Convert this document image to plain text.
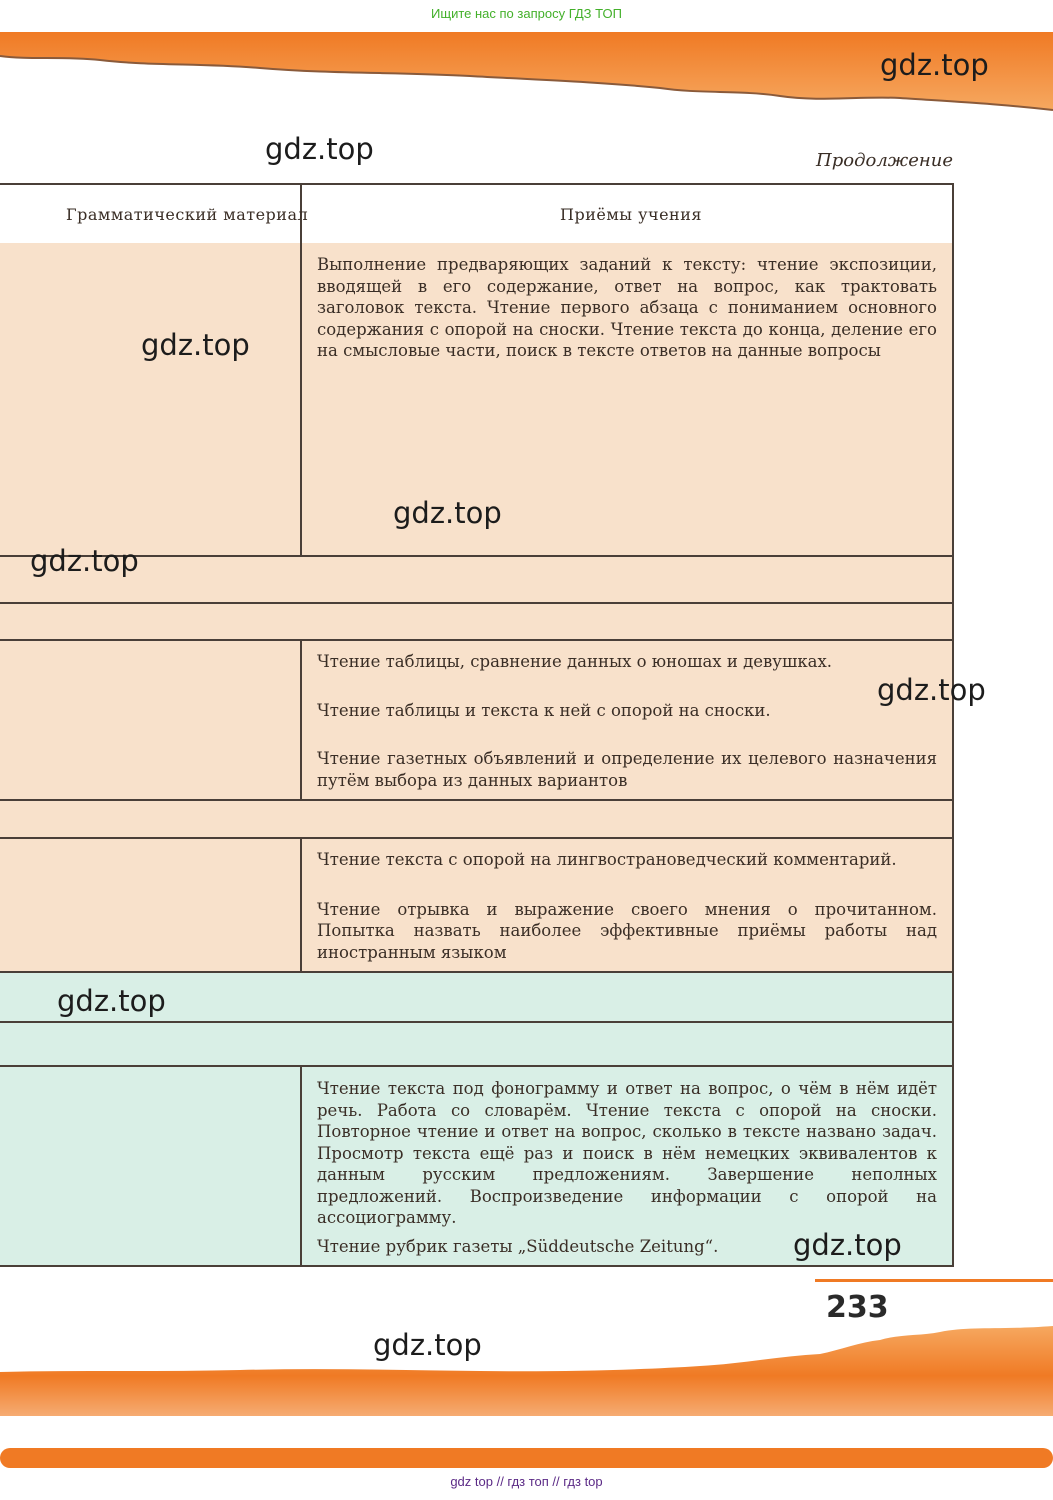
Ищите нас по запросу ГДЗ ТОП
gdz.top
gdz.top	Продолжение
Грамматический материал	Приёмы учения

Выполнение предваряющих заданий к тексту: чтение экспозиции, вводящей в его содержание, ответ на вопрос, как трактовать заголовок текста. Чтение первого абзаца с пониманием основного содержания с опорой на сноски. Чтение текста до конца, деление его на смысловые части, поиск в тексте ответов на данные вопросы

Чтение таблицы, сравнение данных о юношах и девушках.

Чтение таблицы и текста к ней с опорой на сноски.

Чтение газетных объявлений и определение их целевого назначения путём выбора из данных вариантов

Чтение текста с опорой на лингвострановедческий комментарий.

Чтение отрывка и выражение своего мнения о прочитанном. Попытка назвать наиболее эффективные приёмы работы над иностранным языком

Чтение текста под фонограмму и ответ на вопрос, о чём в нём идёт речь. Работа со словарём. Чтение текста с опорой на сноски. Повторное чтение и ответ на вопрос, сколько в тексте названо задач. Просмотр текста ещё раз и поиск в нём немецких эквивалентов к данным русским предложениям. Завершение неполных предложений. Воспроизведение информации с опорой на ассоциограмму.

Чтение рубрик газеты „Süddeutsche Zeitung“.

gdz.top
gdz.top
gdz.top
gdz.top
gdz.top
gdz.top
233
gdz.top
gdz top // гдз топ // гдз top
